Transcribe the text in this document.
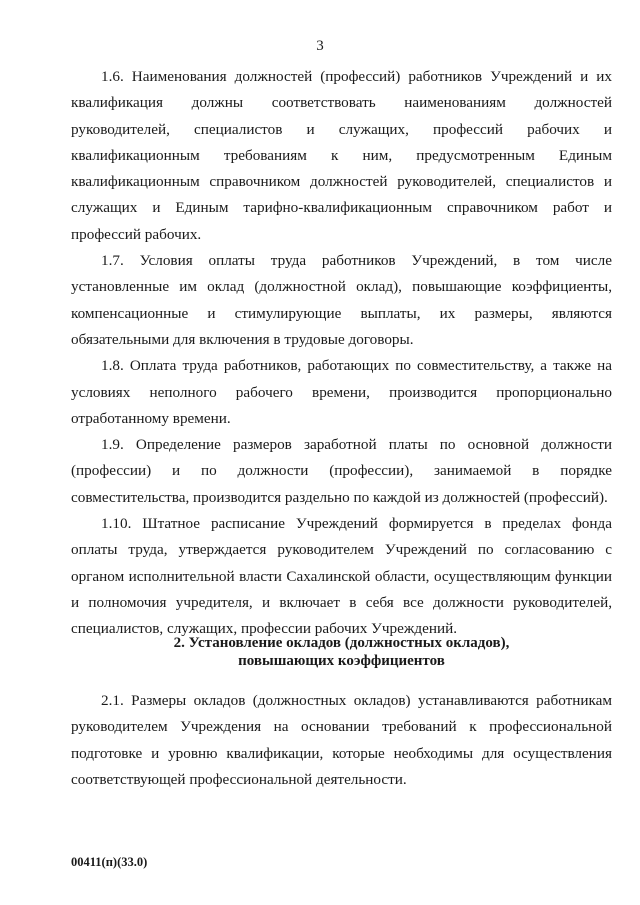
3

1.6. Наименования должностей (профессий) работников Учреждений и их квалификация должны соответствовать наименованиям должностей руководителей, специалистов и служащих, профессий рабочих и квалификационным требованиям к ним, предусмотренным Единым квалификационным справочником должностей руководителей, специалистов и служащих и Единым тарифно-квалификационным справочником работ и профессий рабочих.

1.7. Условия оплаты труда работников Учреждений, в том числе установленные им оклад (должностной оклад), повышающие коэффициенты, компенсационные и стимулирующие выплаты, их размеры, являются обязательными для включения в трудовые договоры.

1.8. Оплата труда работников, работающих по совместительству, а также на условиях неполного рабочего времени, производится пропорционально отработанному времени.

1.9. Определение размеров заработной платы по основной должности (профессии) и по должности (профессии), занимаемой в порядке совместительства, производится раздельно по каждой из должностей (профессий).

1.10. Штатное расписание Учреждений формируется в пределах фонда оплаты труда, утверждается руководителем Учреждений по согласованию с органом исполнительной власти Сахалинской области, осуществляющим функции и полномочия учредителя, и включает в себя все должности руководителей, специалистов, служащих, профессии рабочих Учреждений.

2. Установление окладов (должностных окладов),
повышающих коэффициентов

2.1. Размеры окладов (должностных окладов) устанавливаются работникам руководителем Учреждения на основании требований к профессиональной подготовке и уровню квалификации, которые необходимы для осуществления соответствующей профессиональной деятельности.

00411(п)(33.0)
